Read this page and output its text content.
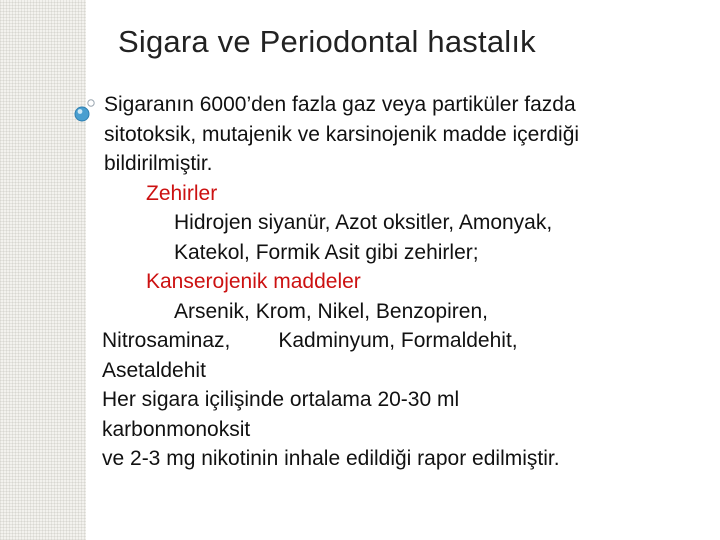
Sigara ve Periodontal hastalık
Sigaranın 6000’den fazla gaz veya partiküler fazda
sitotoksik, mutajenik ve karsinojenik madde içerdiği
bildirilmiştir.
Zehirler
Hidrojen siyanür, Azot oksitler, Amonyak,
Katekol, Formik Asit gibi zehirler;
Kanserojenik maddeler
Arsenik, Krom, Nikel, Benzopiren,
Nitrosaminaz, Kadminyum, Formaldehit,
Asetaldehit
Her sigara içilişinde ortalama 20-30 ml
karbonmonoksit
ve 2-3 mg nikotinin inhale edildiği rapor edilmiştir.
